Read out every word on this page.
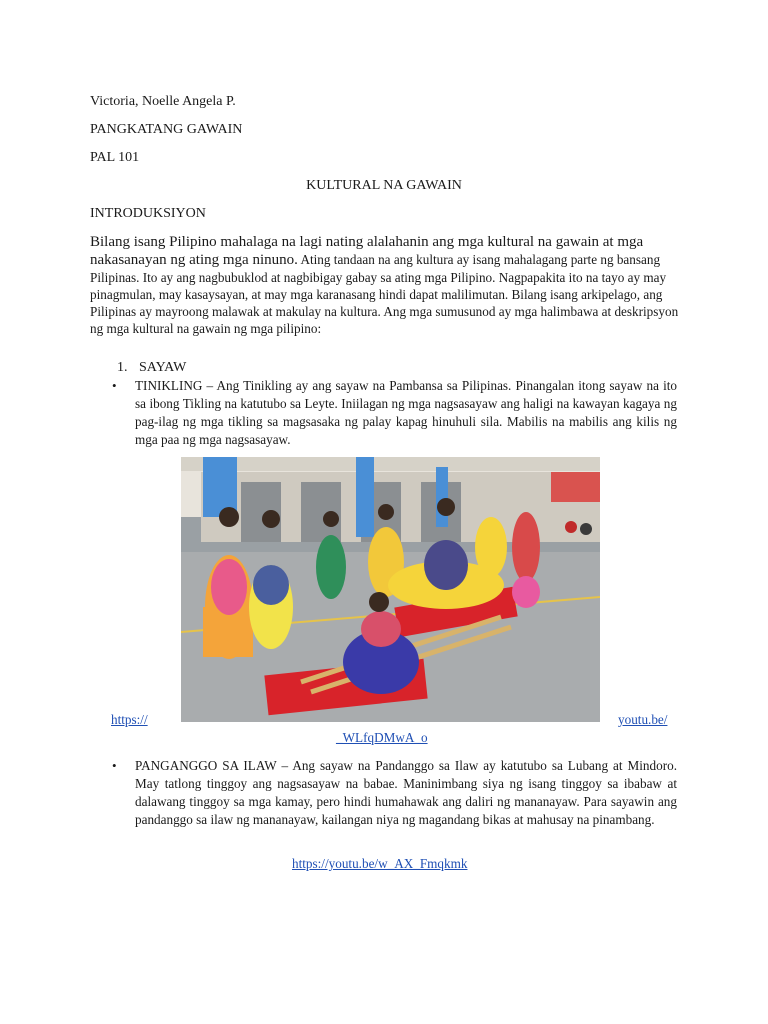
Victoria, Noelle Angela P.
PANGKATANG GAWAIN
PAL 101
KULTURAL NA GAWAIN
INTRODUKSIYON
Bilang isang Pilipino mahalaga na lagi nating alalahanin ang mga kultural na gawain at mga nakasanayan ng ating mga ninuno. Ating tandaan na ang kultura ay isang mahalagang parte ng bansang Pilipinas. Ito ay ang nagbubuklod at nagbibigay gabay sa ating mga Pilipino. Nagpapakita ito na tayo ay may pinagmulan, may kasaysayan, at may mga karanasang hindi dapat malilimutan. Bilang isang arkipelago, ang Pilipinas ay mayroong malawak at makulay na kultura. Ang mga sumusunod ay mga halimbawa at deskripsyon ng mga kultural na gawain ng mga pilipino:
1. SAYAW
• TINIKLING – Ang Tinikling ay ang sayaw na Pambansa sa Pilipinas. Pinangalan itong sayaw na ito sa ibong Tikling na katutubo sa Leyte. Iniilagan ng mga nagsasayaw ang haligi na kawayan kagaya ng pag-ilag ng mga tikling sa magsasaka ng palay kapag hinuhuli sila. Mabilis na mabilis ang kilis ng mga paa ng mga nagsasayaw.
https://	youtu.be/
_WLfqDMwA_o
• PANGANGGO SA ILAW – Ang sayaw na Pandanggo sa Ilaw ay katutubo sa Lubang at Mindoro. May tatlong tinggoy ang nagsasayaw na babae. Maninimbang siya ng isang tinggoy sa ibabaw at dalawang tinggoy sa mga kamay, pero hindi humahawak ang daliri ng mananayaw. Para sayawin ang pandanggo sa ilaw ng mananayaw, kailangan niya ng magandang bikas at mahusay na pinambang.
https://youtu.be/w_AX_Fmqkmk
